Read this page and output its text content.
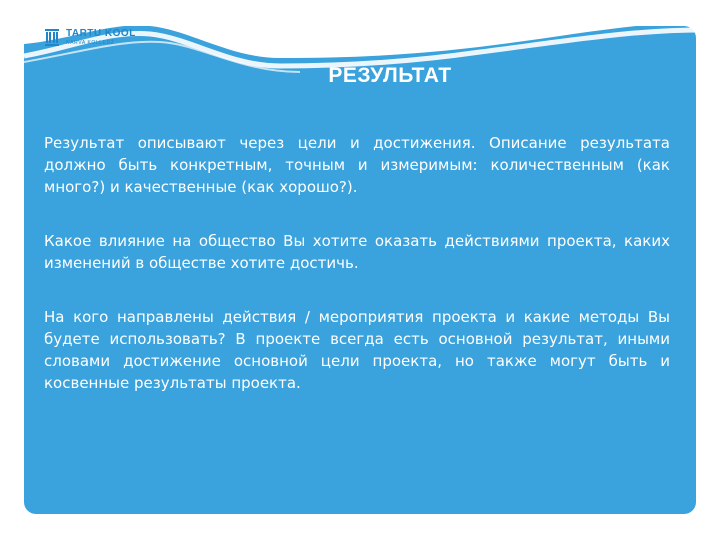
TARTU KOOL
NARVA KOLLEDŽ
РЕЗУЛЬТАТ

Результат описывают через цели и достижения. Описание результата должно быть конкретным, точным и измеримым: количественным (как много?) и качественные (как хорошо?).

Какое влияние на общество Вы хотите оказать действиями проекта, каких изменений в обществе хотите достичь.

На кого направлены действия / мероприятия проекта и какие методы Вы будете использовать? В проекте всегда есть основной результат, иными словами достижение основной цели проекта, но также могут быть и косвенные результаты проекта.
